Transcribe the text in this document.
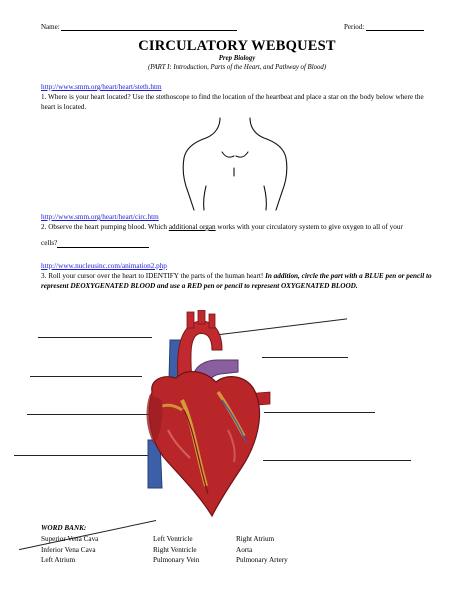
Name:	Period:
CIRCULATORY WEBQUEST
Prep Biology
(PART I: Introduction, Parts of the Heart, and Pathway of Blood)
http://www.smm.org/heart/heart/steth.htm
1. Where is your heart located? Use the stethoscope to find the location of the heartbeat and place a star on the body below where the heart is located.
http://www.smm.org/heart/heart/circ.htm
2. Observe the heart pumping blood. Which additional organ works with your circulatory system to give oxygen to all of your
cells?
http://www.nucleusinc.com/animation2.php
3. Roll your cursor over the heart to IDENTIFY the parts of the human heart! In addition, circle the part with a BLUE pen or pencil to represent DEOXYGENATED BLOOD and use a RED pen or pencil to represent OXYGENATED BLOOD.
WORD BANK:
Superior Vena Cava
Inferior Vena Cava
Left Atrium
Left Ventricle
Right Ventricle
Pulmonary Vein
Right Atrium
Aorta
Pulmonary Artery
